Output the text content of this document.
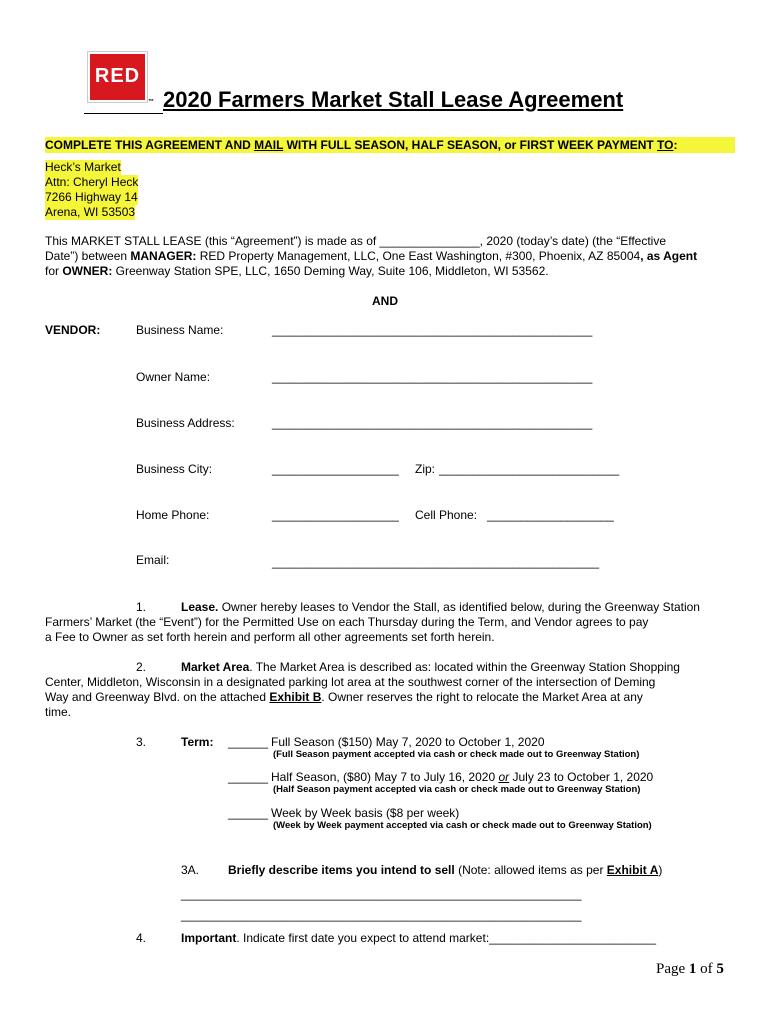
RED
™ 2020 Farmers Market Stall Lease Agreement
COMPLETE THIS AGREEMENT AND MAIL WITH FULL SEASON, HALF SEASON, or FIRST WEEK PAYMENT TO:
Heck’s Market
Attn: Cheryl Heck
7266 Highway 14
Arena, WI 53503
This MARKET STALL LEASE (this “Agreement”) is made as of _______________, 2020 (today’s date) (the “Effective
Date”) between MANAGER: RED Property Management, LLC, One East Washington, #300, Phoenix, AZ 85004, as Agent
for OWNER: Greenway Station SPE, LLC, 1650 Deming Way, Suite 106, Middleton, WI 53562.
AND
VENDOR:	Business Name:	________________________________________________
Owner Name:	________________________________________________
Business Address:	________________________________________________
Business City:	___________________ Zip: ___________________________
Home Phone:	___________________ Cell Phone: ___________________
Email:	_________________________________________________
1.	Lease. Owner hereby leases to Vendor the Stall, as identified below, during the Greenway Station
Farmers’ Market (the “Event”) for the Permitted Use on each Thursday during the Term, and Vendor agrees to pay
a Fee to Owner as set forth herein and perform all other agreements set forth herein.
2.	Market Area. The Market Area is described as: located within the Greenway Station Shopping
Center, Middleton, Wisconsin in a designated parking lot area at the southwest corner of the intersection of Deming
Way and Greenway Blvd. on the attached Exhibit B. Owner reserves the right to relocate the Market Area at any
time.
3.	Term: ______ Full Season ($150) May 7, 2020 to October 1, 2020
(Full Season payment accepted via cash or check made out to Greenway Station)
______ Half Season, ($80) May 7 to July 16, 2020 or July 23 to October 1, 2020
(Half Season payment accepted via cash or check made out to Greenway Station)
______ Week by Week basis ($8 per week)
(Week by Week payment accepted via cash or check made out to Greenway Station)
3A. Briefly describe items you intend to sell (Note: allowed items as per Exhibit A)
____________________________________________________________
____________________________________________________________
4.	Important. Indicate first date you expect to attend market:_________________________
Page 1 of 5
